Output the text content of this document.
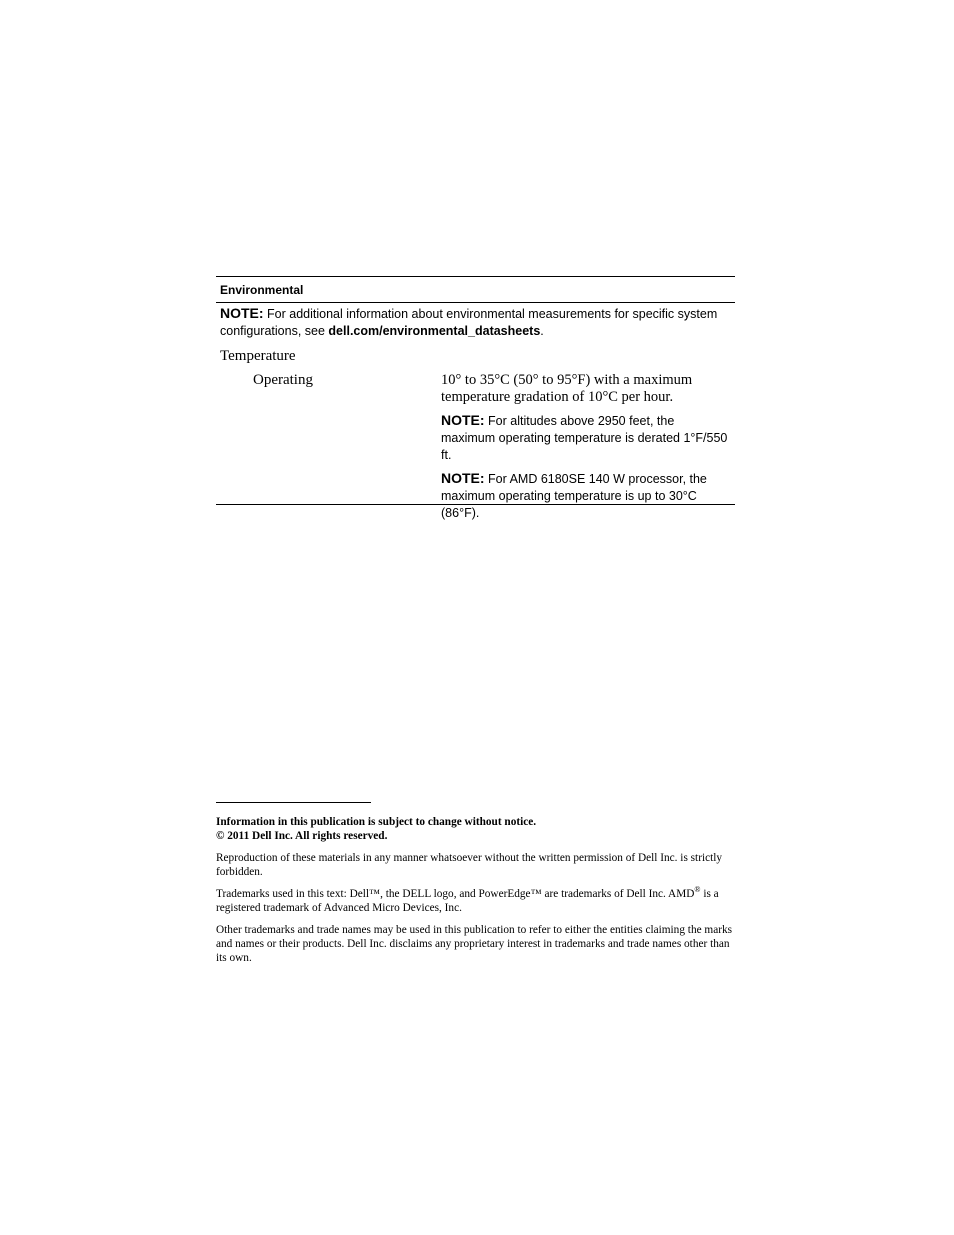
Environmental
NOTE: For additional information about environmental measurements for specific system configurations, see dell.com/environmental_datasheets.
Temperature
Operating	10° to 35°C (50° to 95°F) with a maximum temperature gradation of 10°C per hour.
NOTE: For altitudes above 2950 feet, the maximum operating temperature is derated 1°F/550 ft.
NOTE: For AMD 6180SE 140 W processor, the maximum operating temperature is up to 30°C (86°F).

Information in this publication is subject to change without notice.
© 2011 Dell Inc. All rights reserved.

Reproduction of these materials in any manner whatsoever without the written permission of Dell Inc. is strictly forbidden.

Trademarks used in this text: Dell™, the DELL logo, and PowerEdge™ are trademarks of Dell Inc. AMD® is a registered trademark of Advanced Micro Devices, Inc.

Other trademarks and trade names may be used in this publication to refer to either the entities claiming the marks and names or their products. Dell Inc. disclaims any proprietary interest in trademarks and trade names other than its own.
